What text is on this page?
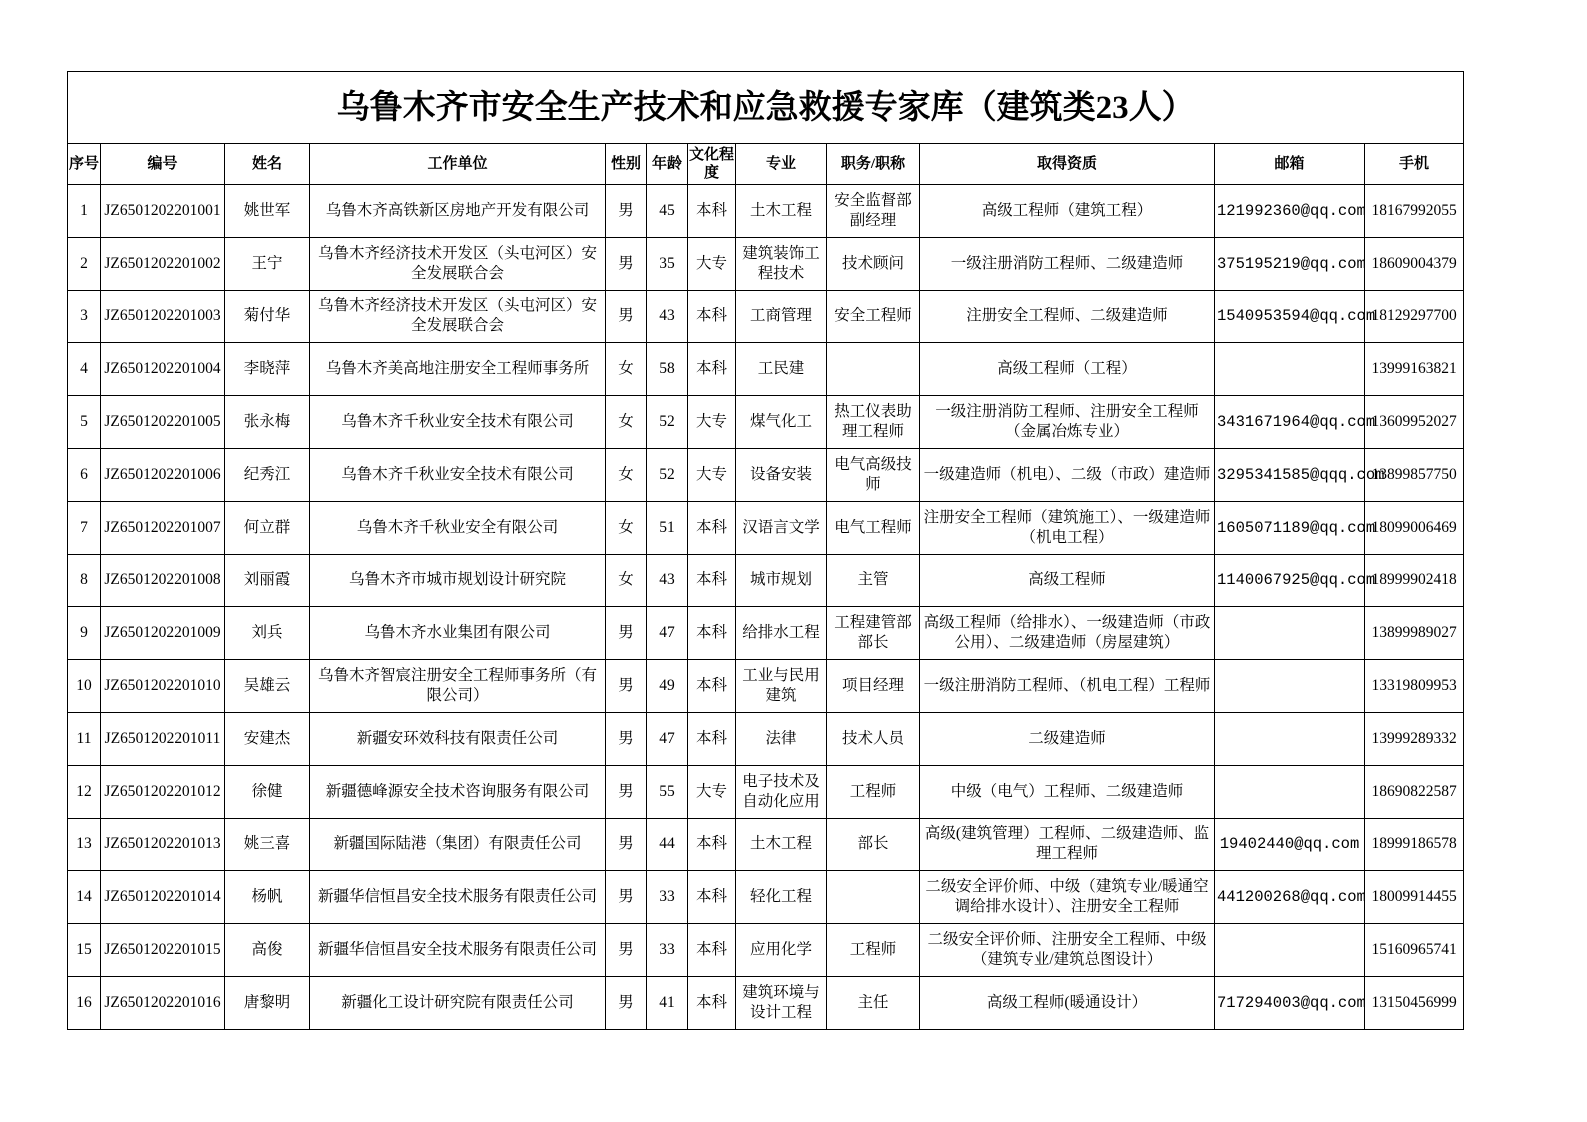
乌鲁木齐市安全生产技术和应急救援专家库（建筑类23人）											
序号	编号	姓名	工作单位	性别	年龄	文化程度	专业	职务/职称	取得资质	邮箱	手机
1	JZ6501202201001	姚世军	乌鲁木齐高铁新区房地产开发有限公司	男	45	本科	土木工程	安全监督部副经理	高级工程师（建筑工程）	121992360@qq.com	18167992055
2	JZ6501202201002	王宁	乌鲁木齐经济技术开发区（头屯河区）安全发展联合会	男	35	大专	建筑装饰工程技术	技术顾问	一级注册消防工程师、二级建造师	375195219@qq.com	18609004379
3	JZ6501202201003	菊付华	乌鲁木齐经济技术开发区（头屯河区）安全发展联合会	男	43	本科	工商管理	安全工程师	注册安全工程师、二级建造师	1540953594@qq.com	18129297700
4	JZ6501202201004	李晓萍	乌鲁木齐美高地注册安全工程师事务所	女	58	本科	工民建		高级工程师（工程）		13999163821
5	JZ6501202201005	张永梅	乌鲁木齐千秋业安全技术有限公司	女	52	大专	煤气化工	热工仪表助理工程师	一级注册消防工程师、注册安全工程师（金属冶炼专业）	3431671964@qq.com	13609952027
6	JZ6501202201006	纪秀江	乌鲁木齐千秋业安全技术有限公司	女	52	大专	设备安装	电气高级技师	一级建造师（机电）、二级（市政）建造师	3295341585@qqq.com	13899857750
7	JZ6501202201007	何立群	乌鲁木齐千秋业安全有限公司	女	51	本科	汉语言文学	电气工程师	注册安全工程师（建筑施工）、一级建造师（机电工程）	1605071189@qq.com	18099006469
8	JZ6501202201008	刘丽霞	乌鲁木齐市城市规划设计研究院	女	43	本科	城市规划	主管	高级工程师	1140067925@qq.com	18999902418
9	JZ6501202201009	刘兵	乌鲁木齐水业集团有限公司	男	47	本科	给排水工程	工程建管部部长	高级工程师（给排水）、一级建造师（市政公用）、二级建造师（房屋建筑）		13899989027
10	JZ6501202201010	吴雄云	乌鲁木齐智宸注册安全工程师事务所（有限公司）	男	49	本科	工业与民用建筑	项目经理	一级注册消防工程师、（机电工程）工程师		13319809953
11	JZ6501202201011	安建杰	新疆安环效科技有限责任公司	男	47	本科	法律	技术人员	二级建造师		13999289332
12	JZ6501202201012	徐健	新疆德峰源安全技术咨询服务有限公司	男	55	大专	电子技术及自动化应用	工程师	中级（电气）工程师、二级建造师		18690822587
13	JZ6501202201013	姚三喜	新疆国际陆港（集团）有限责任公司	男	44	本科	土木工程	部长	高级(建筑管理）工程师、二级建造师、监理工程师	19402440@qq.com	18999186578
14	JZ6501202201014	杨帆	新疆华信恒昌安全技术服务有限责任公司	男	33	本科	轻化工程		二级安全评价师、中级（建筑专业/暖通空调给排水设计）、注册安全工程师	441200268@qq.com	18009914455
15	JZ6501202201015	高俊	新疆华信恒昌安全技术服务有限责任公司	男	33	本科	应用化学	工程师	二级安全评价师、注册安全工程师、中级（建筑专业/建筑总图设计）		15160965741
16	JZ6501202201016	唐黎明	新疆化工设计研究院有限责任公司	男	41	本科	建筑环境与设计工程	主任	高级工程师(暖通设计）	717294003@qq.com	13150456999
